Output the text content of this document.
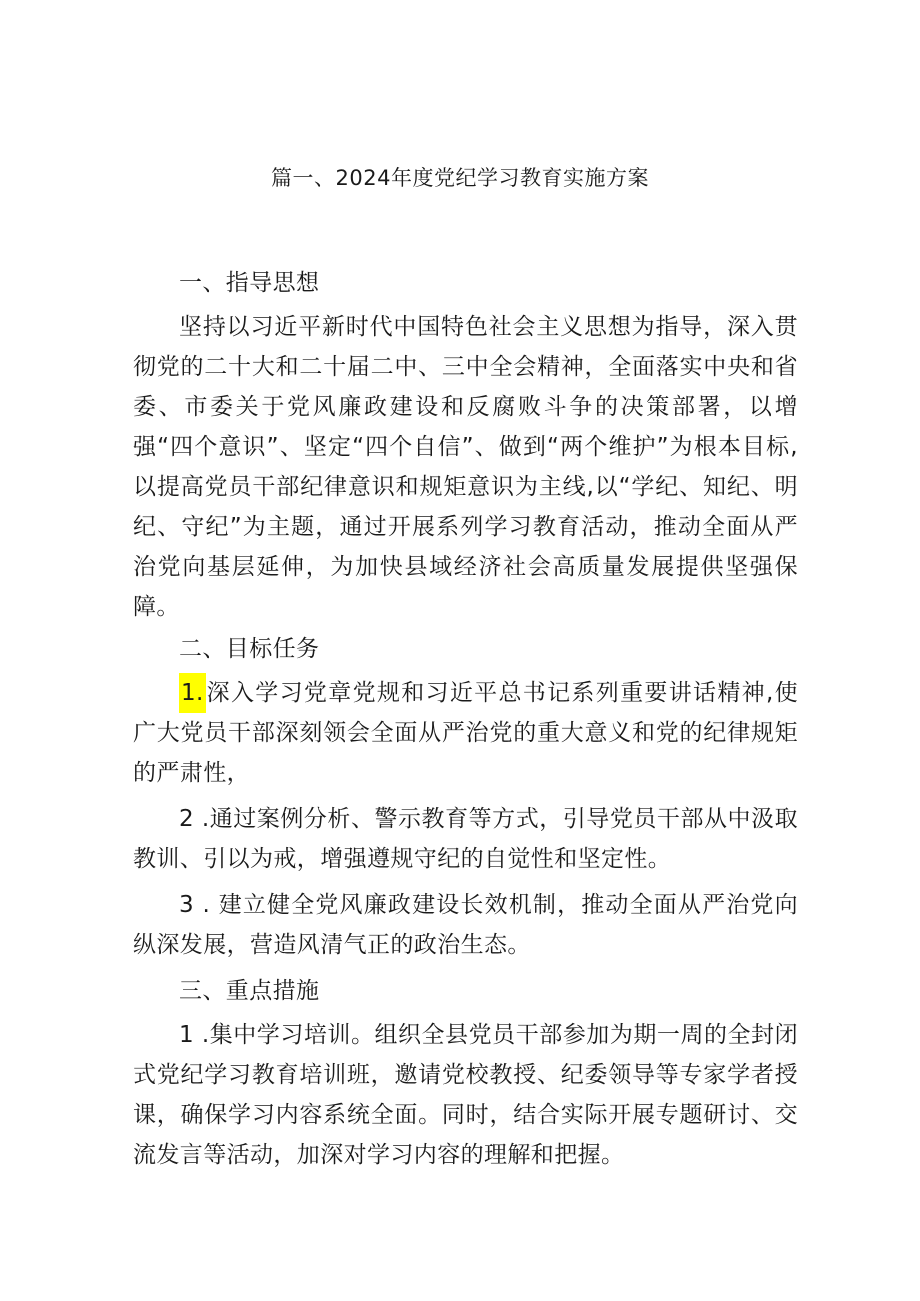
篇一、2024年度党纪学习教育实施方案
一、指导思想

坚持以习近平新时代中国特色社会主义思想为指导，深入贯彻党的二十大和二十届二中、三中全会精神，全面落实中央和省委、市委关于党风廉政建设和反腐败斗争的决策部署，以增强“四个意识”、坚定“四个自信”、做到“两个维护”为根本目标,以提高党员干部纪律意识和规矩意识为主线,以“学纪、知纪、明纪、守纪”为主题，通过开展系列学习教育活动，推动全面从严治党向基层延伸，为加快县域经济社会高质量发展提供坚强保障。

二、目标任务

1.深入学习党章党规和习近平总书记系列重要讲话精神,使广大党员干部深刻领会全面从严治党的重大意义和党的纪律规矩的严肃性，

2 .通过案例分析、警示教育等方式，引导党员干部从中汲取教训、引以为戒，增强遵规守纪的自觉性和坚定性。

3 . 建立健全党风廉政建设长效机制，推动全面从严治党向纵深发展，营造风清气正的政治生态。

三、重点措施

1 .集中学习培训。组织全县党员干部参加为期一周的全封闭式党纪学习教育培训班，邀请党校教授、纪委领导等专家学者授课，确保学习内容系统全面。同时，结合实际开展专题研讨、交流发言等活动，加深对学习内容的理解和把握。
